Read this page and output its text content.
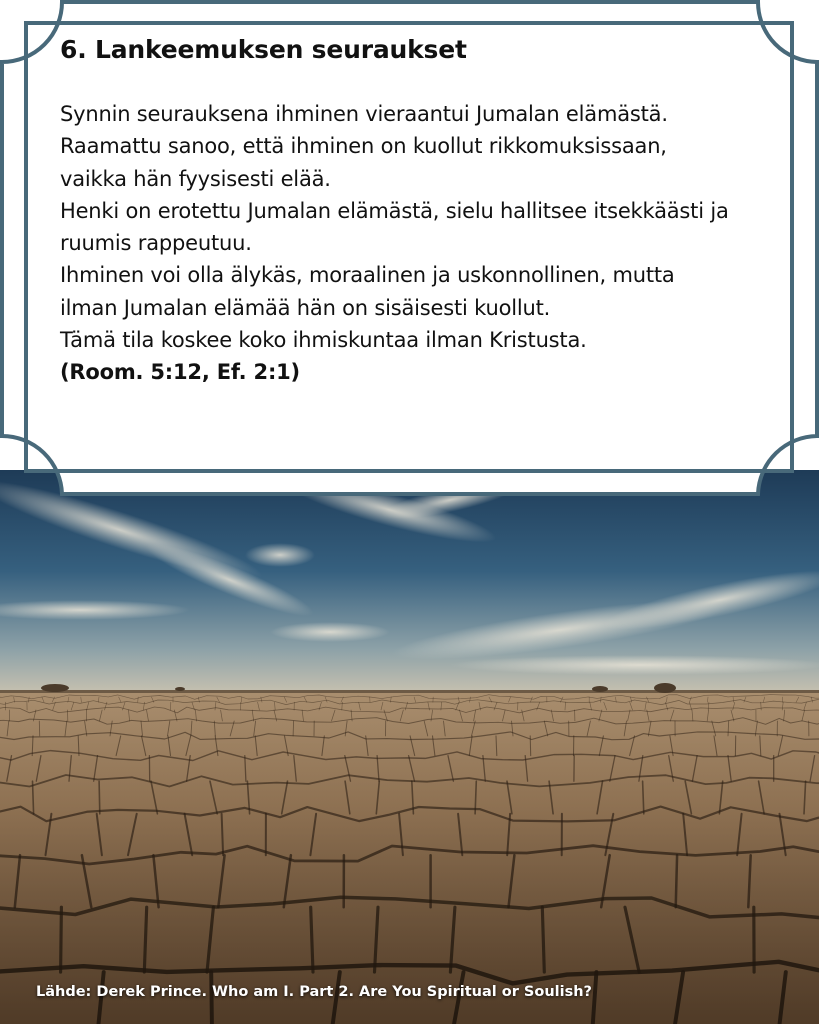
6. Lankeemuksen seuraukset
Synnin seurauksena ihminen vieraantui Jumalan elämästä.
Raamattu sanoo, että ihminen on kuollut rikkomuksissaan,
vaikka hän fyysisesti elää.
Henki on erotettu Jumalan elämästä, sielu hallitsee itsekkäästi ja
ruumis rappeutuu.
Ihminen voi olla älykäs, moraalinen ja uskonnollinen, mutta
ilman Jumalan elämää hän on sisäisesti kuollut.
Tämä tila koskee koko ihmiskuntaa ilman Kristusta.
(Room. 5:12, Ef. 2:1)
Lähde: Derek Prince. Who am I. Part 2. Are You Spiritual or Soulish?
